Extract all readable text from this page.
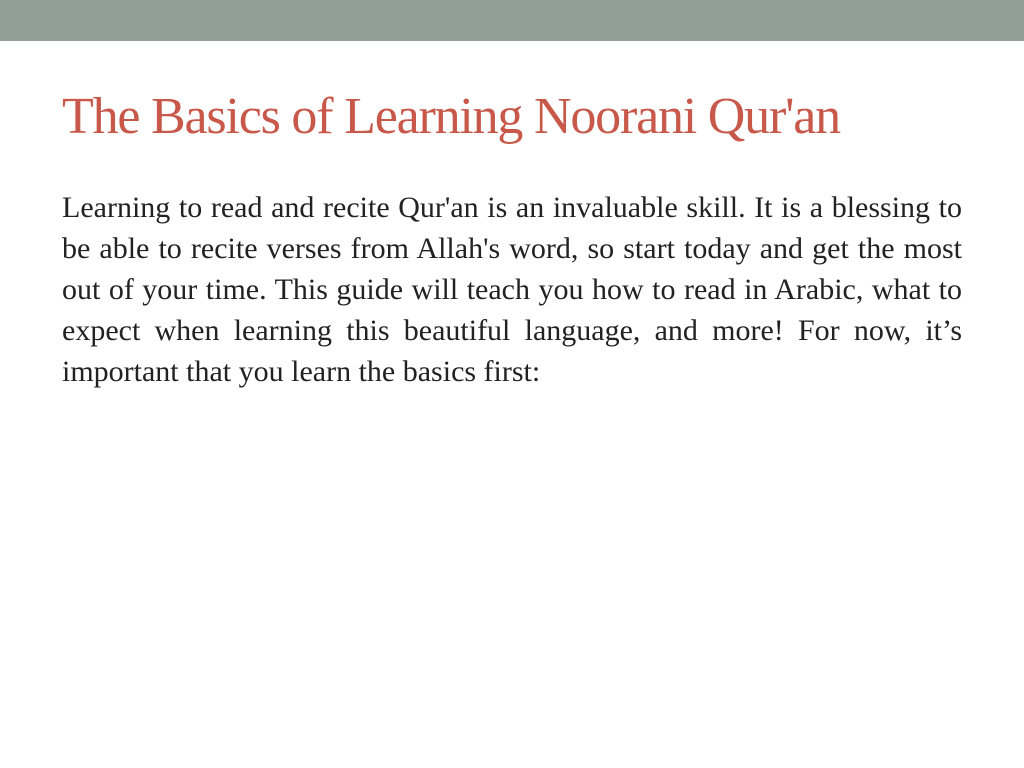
The Basics of Learning Noorani Qur'an

Learning to read and recite Qur'an is an invaluable skill. It is a blessing to be able to recite verses from Allah's word, so start today and get the most out of your time. This guide will teach you how to read in Arabic, what to expect when learning this beautiful language, and more! For now, it’s important that you learn the basics first:
